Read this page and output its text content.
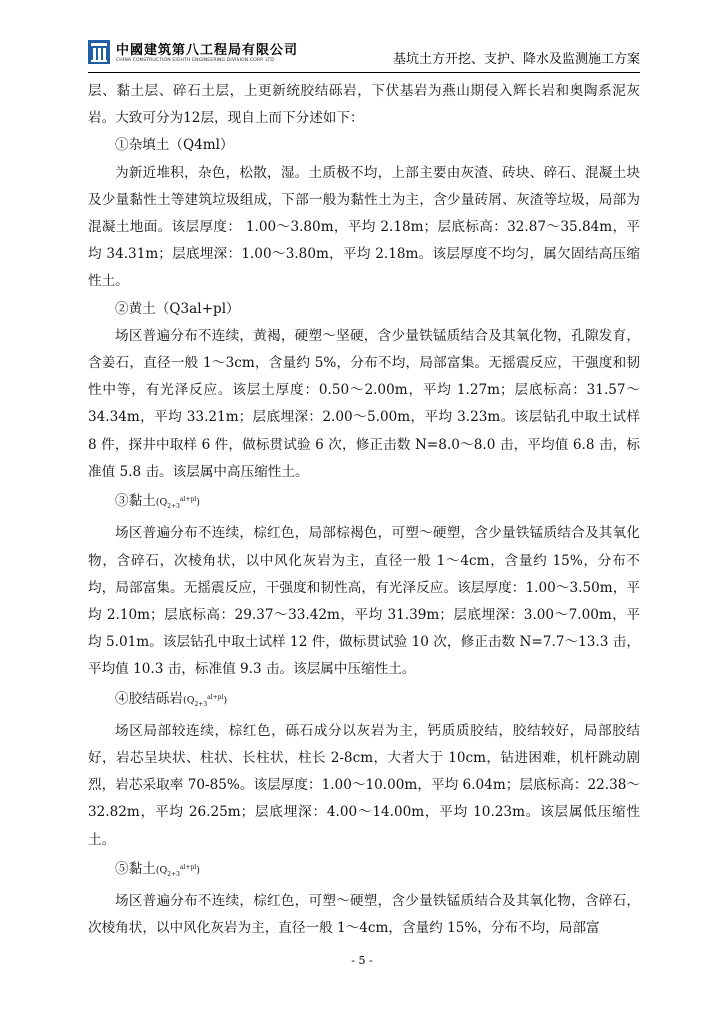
中國建筑第八工程局有限公司
CHINA CONSTRUCTION EIGHTH ENGINEERING DIVISION CORP. LTD	基坑土方开挖、支护、降水及监测施工方案

层、黏土层、碎石土层，上更新统胶结砾岩，下伏基岩为燕山期侵入辉长岩和奥陶系泥灰岩。大致可分为12层，现自上而下分述如下：

①杂填土（Q4ml）

为新近堆积，杂色，松散，湿。土质极不均，上部主要由灰渣、砖块、碎石、混凝土块及少量黏性土等建筑垃圾组成，下部一般为黏性土为主，含少量砖屑、灰渣等垃圾，局部为混凝土地面。该层厚度： 1.00～3.80m，平均 2.18m；层底标高：32.87～35.84m，平均 34.31m；层底埋深：1.00～3.80m，平均 2.18m。该层厚度不均匀，属欠固结高压缩性土。

②黄土（Q3al+pl）

场区普遍分布不连续，黄褐，硬塑～坚硬，含少量铁锰质结合及其氧化物，孔隙发育，含姜石，直径一般 1～3cm，含量约 5%，分布不均，局部富集。无摇震反应，干强度和韧性中等，有光泽反应。该层土厚度：0.50～2.00m，平均 1.27m；层底标高：31.57～34.34m，平均 33.21m；层底埋深：2.00～5.00m，平均 3.23m。该层钻孔中取土试样 8 件，探井中取样 6 件，做标贯试验 6 次，修正击数 N=8.0～8.0 击，平均值 6.8 击，标准值 5.8 击。该层属中高压缩性土。

③黏土$(Q_{2+3}^{al+pl})$

场区普遍分布不连续，棕红色，局部棕褐色，可塑～硬塑，含少量铁锰质结合及其氧化物，含碎石，次棱角状，以中风化灰岩为主，直径一般 1～4cm，含量约 15%，分布不均，局部富集。无摇震反应，干强度和韧性高，有光泽反应。该层厚度：1.00～3.50m，平均 2.10m；层底标高：29.37～33.42m，平均 31.39m；层底埋深：3.00～7.00m，平均 5.01m。该层钻孔中取土试样 12 件，做标贯试验 10 次，修正击数 N=7.7～13.3 击，平均值 10.3 击，标准值 9.3 击。该层属中压缩性土。

④胶结砾岩$(Q_{2+3}^{al+pl})$

场区局部较连续，棕红色，砾石成分以灰岩为主，钙质质胶结，胶结较好，局部胶结好，岩芯呈块状、柱状、长柱状，柱长 2-8cm，大者大于 10cm，钻进困难，机杆跳动剧烈，岩芯采取率 70-85%。该层厚度：1.00～10.00m，平均 6.04m；层底标高：22.38～32.82m，平均 26.25m；层底埋深：4.00～14.00m，平均 10.23m。该层属低压缩性土。

⑤黏土$(Q_{2+3}^{al+pl})$

场区普遍分布不连续，棕红色，可塑～硬塑，含少量铁锰质结合及其氧化物，含碎石，次棱角状，以中风化灰岩为主，直径一般 1～4cm，含量约 15%，分布不均，局部富

- 5 -
